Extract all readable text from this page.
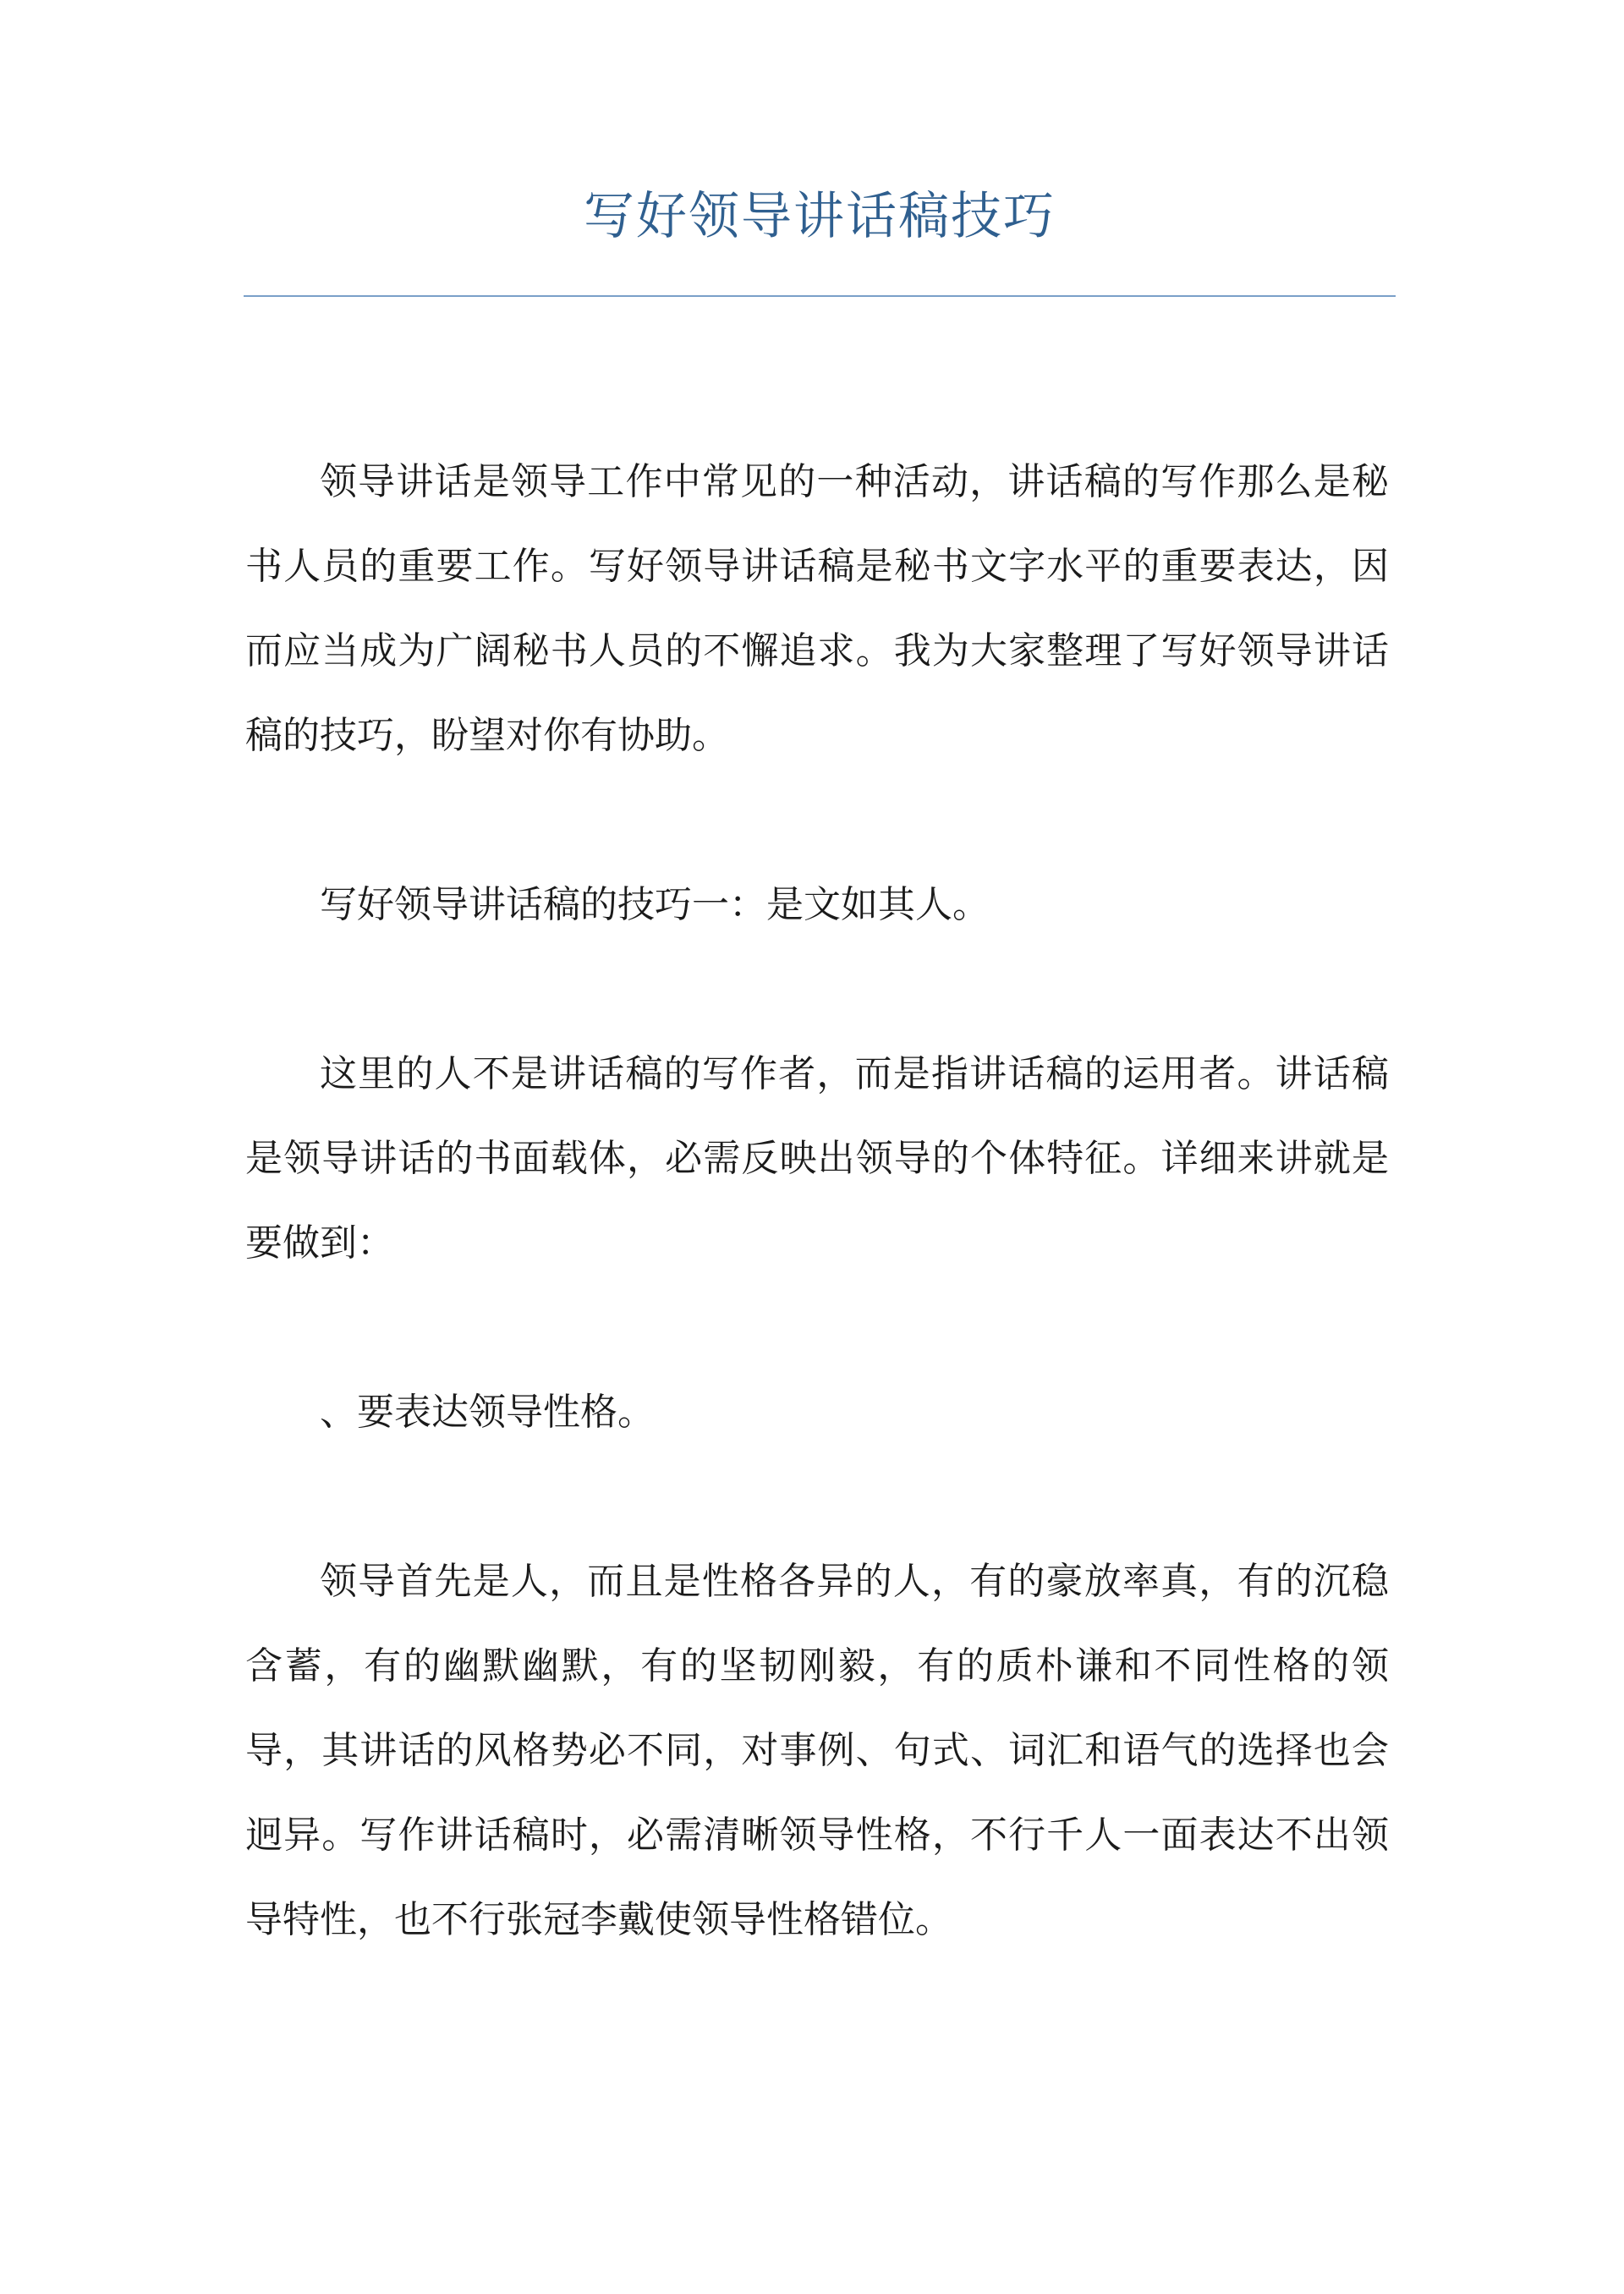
写好领导讲话稿技巧

领导讲话是领导工作中常见的一种活动，讲话稿的写作那么是秘书人员的重要工作。写好领导讲话稿是秘书文字水平的重要表达，因而应当成为广阔秘书人员的不懈追求。我为大家整理了写好领导讲话稿的技巧，盼望对你有协助。

写好领导讲话稿的技巧一：是文如其人。

这里的人不是讲话稿的写作者，而是指讲话稿的运用者。讲话稿是领导讲话的书面载体，必需反映出领导的个体特征。详细来讲就是要做到：

、要表达领导性格。

领导首先是人，而且是性格各异的人，有的豪放率真，有的沉稳含蓄，有的幽默幽默，有的坚韧刚毅，有的质朴谦和不同性格的领导，其讲话的风格势必不同，对事例、句式、词汇和语气的选择也会迥异。写作讲话稿时，必需清晰领导性格，不行千人一面表达不出领导特性，也不行张冠李戴使领导性格错位。
